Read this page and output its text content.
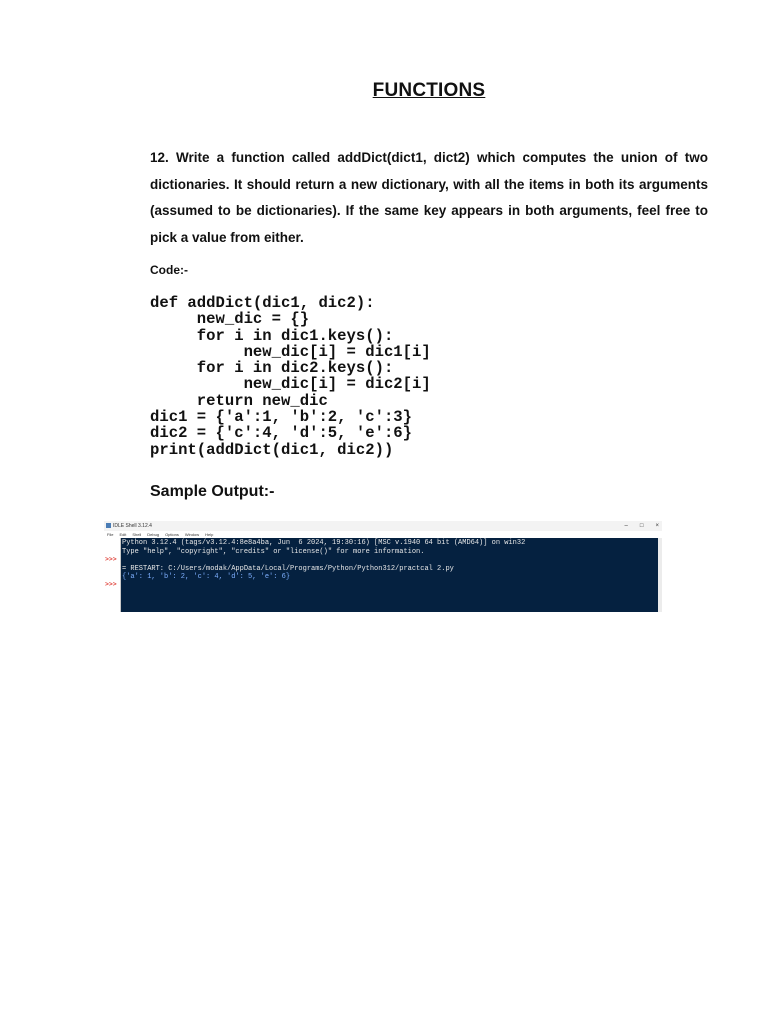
FUNCTIONS

12. Write a function called addDict(dict1, dict2) which computes the union of two dictionaries. It should return a new dictionary, with all the items in both its arguments (assumed to be dictionaries). If the same key appears in both arguments, feel free to pick a value from either.

Code:-
def addDict(dic1, dic2):
new_dic = {}
for i in dic1.keys():
new_dic[i] = dic1[i]
for i in dic2.keys():
new_dic[i] = dic2[i]
return new_dic
dic1 = {'a':1, 'b':2, 'c':3}
dic2 = {'c':4, 'd':5, 'e':6}
print(addDict(dic1, dic2))
Sample Output:-
IDLE Shell 3.12.4	– □ ×
File Edit Shell Debug Options Window Help
>>>
>>>
Python 3.12.4 (tags/v3.12.4:8e8a4ba, Jun  6 2024, 19:30:16) [MSC v.1940 64 bit (AMD64)] on win32
Type "help", "copyright", "credits" or "license()" for more information.
= RESTART: C:/Users/modak/AppData/Local/Programs/Python/Python312/practcal 2.py
{'a': 1, 'b': 2, 'c': 4, 'd': 5, 'e': 6}
